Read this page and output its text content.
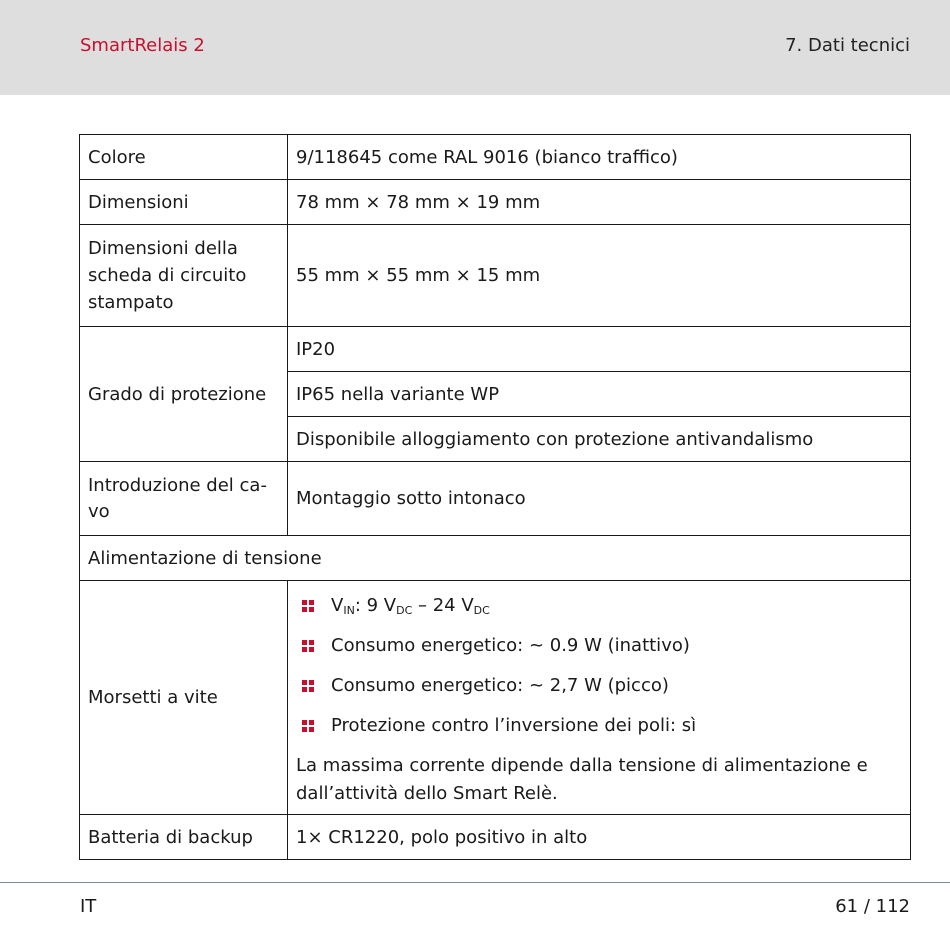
SmartRelais 2	7. Dati tecnici
Colore	9/118645 come RAL 9016 (bianco traffico)
Dimensioni	78 mm × 78 mm × 19 mm
Dimensioni della scheda di circuito stampato	55 mm × 55 mm × 15 mm
Grado di protezione	IP20
	IP65 nella variante WP
	Disponibile alloggiamento con protezione antivandalismo
Introduzione del ca-vo	Montaggio sotto intonaco
Alimentazione di tensione	
Morsetti a vite	$V_{IN}$: 9 $V_{DC} - 24$ $V_{DC}$
Consumo energetico: ~ 0.9 W (inattivo)
Consumo energetico: ~ 2,7 W (picco)
Protezione contro l’inversione dei poli: sì
La massima corrente dipende dalla tensione di alimentazione e dall’attività dello Smart Relè.

Batteria di backup	1× CR1220, polo positivo in alto
IT	61 / 112
